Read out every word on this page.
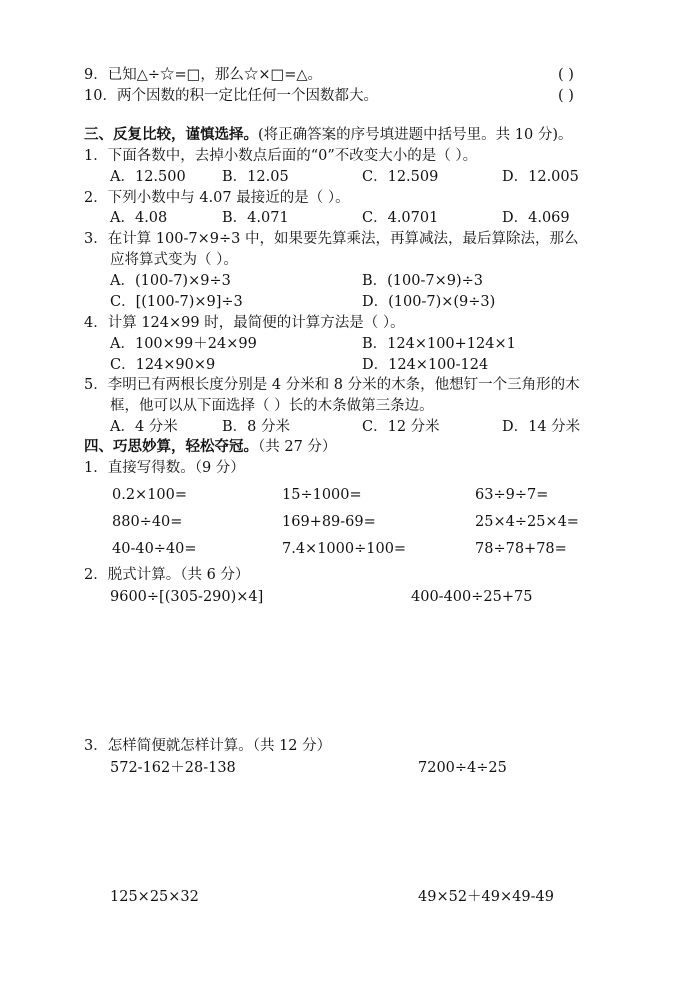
9．已知△÷☆=□，那么☆×□=△。	( )
10．两个因数的积一定比任何一个因数都大。	( )
三、反复比较，谨慎选择。(将正确答案的序号填进题中括号里。共 10 分)。
1．下面各数中，去掉小数点后面的“0”不改变大小的是（ ）。
A．12.500	B．12.05	C．12.509	D．12.005
2．下列小数中与 4.07 最接近的是（ ）。
A．4.08	B．4.071	C．4.0701	D．4.069
3．在计算 100-7×9÷3 中，如果要先算乘法，再算减法，最后算除法，那么
应将算式变为（ ）。
A．(100-7)×9÷3	B．(100-7×9)÷3
C．[(100-7)×9]÷3	D．(100-7)×(9÷3)
4．计算 124×99 时，最简便的计算方法是（ ）。
A．100×99＋24×99	B．124×100+124×1
C．124×90×9	D．124×100-124
5．李明已有两根长度分别是 4 分米和 8 分米的木条，他想钉一个三角形的木
框，他可以从下面选择（ ）长的木条做第三条边。
A．4 分米	B．8 分米	C．12 分米	D．14 分米
四、巧思妙算，轻松夺冠。（共 27 分）
1．直接写得数。（9 分）
0.2×100=	15÷1000=	63÷9÷7=
880÷40=	169+89-69=	25×4÷25×4=
40-40÷40=	7.4×1000÷100=	78÷78+78=
2．脱式计算。（共 6 分）
9600÷[(305-290)×4]	400-400÷25+75
3．怎样简便就怎样计算。（共 12 分）
572-162＋28-138	7200÷4÷25
125×25×32	49×52＋49×49-49
